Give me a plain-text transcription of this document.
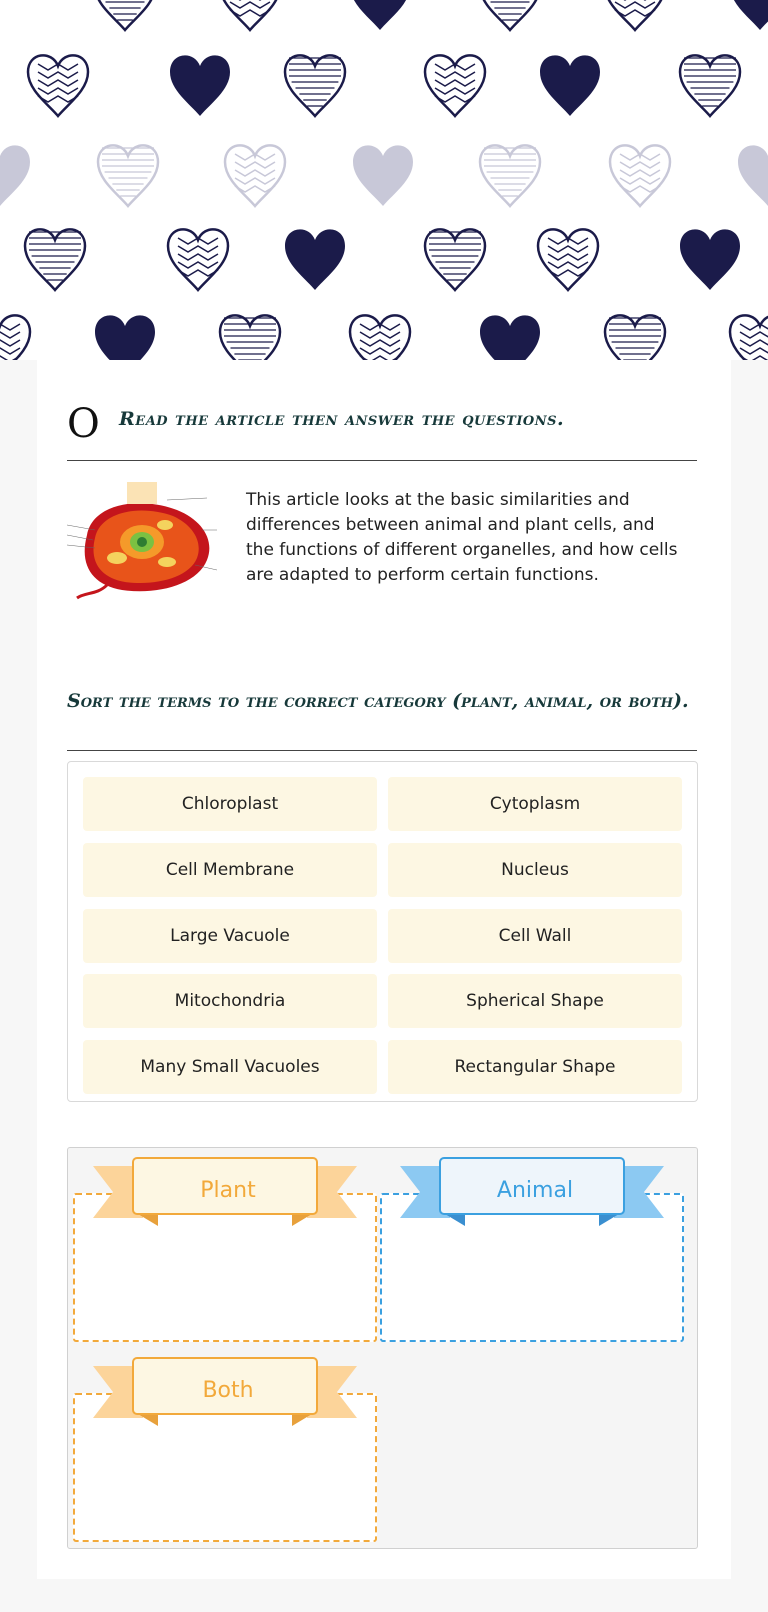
O Read the article then answer the questions.
This article looks at the basic similarities and differences between animal and plant cells, and the functions of different organelles, and how cells are adapted to perform certain functions.
Sort the terms to the correct category (plant, animal, or both).
Chloroplast	Cytoplasm
Cell Membrane	Nucleus
Large Vacuole	Cell Wall
Mitochondria	Spherical Shape
Many Small Vacuoles	Rectangular Shape
Plant	Animal
Both
